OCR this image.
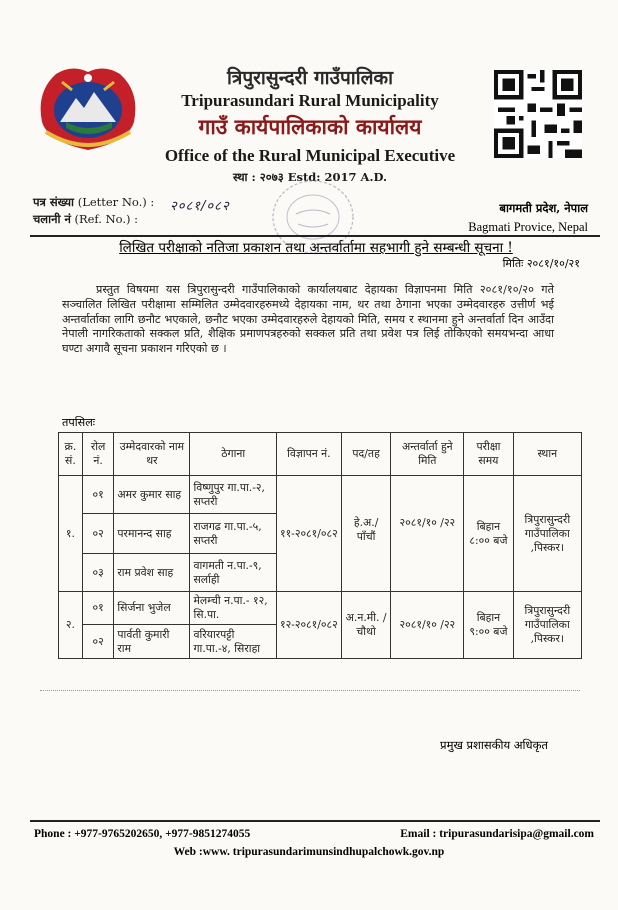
त्रिपुरासुन्दरी गाउँपालिका
Tripurasundari Rural Municipality
गाउँ कार्यपालिकाको कार्यालय
Office of the Rural Municipal Executive
स्था : २०७३ Estd: 2017 A.D.
पत्र संख्या (Letter No.) : २०८१/०८२
चलानी नं (Ref. No.) :
बागमती प्रदेश, नेपाल
Bagmati Provice, Nepal
लिखित परीक्षाको नतिजा प्रकाशन तथा अन्तर्वार्तामा सहभागी हुने सम्बन्धी सूचना !
मितिः २०८१/१०/२१
प्रस्तुत विषयमा यस त्रिपुरासुन्दरी गाउँपालिकाको कार्यालयबाट देहायका विज्ञापनमा मिति २०८१/१०/२० गते सञ्चालित लिखित परीक्षामा सम्मिलित उम्मेदवारहरुमध्ये देहायका नाम, थर तथा ठेगाना भएका उम्मेदवारहरु उत्तीर्ण भई अन्तर्वार्ताका लागि छनौट भएकाले, छनौट भएका उम्मेदवारहरुले देहायको मिति, समय र स्थानमा हुने अन्तर्वार्ता दिन आउँदा नेपाली नागरिकताको सक्कल प्रति, शैक्षिक प्रमाणपत्रहरुको सक्कल प्रति तथा प्रवेश पत्र लिई तोकिएको समयभन्दा आधा घण्टा अगावै सूचना प्रकाशन गरिएको छ ।
तपसिलः
क्र. सं.	रोल नं.	उम्मेदवारको नाम थर	ठेगाना	विज्ञापन नं.	पद/तह	अन्तर्वार्ता हुने मिति	परीक्षा समय	स्थान
१.	०१	अमर कुमार साह	विष्णुपुर गा.पा.-२, सप्तरी	११-२०८१/०८२	हे.अ./ पाँचौं	२०८१/१० /२२	बिहान ८:०० बजे	त्रिपुरासुन्दरी गाउँपालिका ,पिस्कर।
	०२	परमानन्द साह	राजगढ गा.पा.-५, सप्तरी					
	०३	राम प्रवेश साह	वागमती न.पा.-९, सर्लाही					
२.	०१	सिर्जना भुजेल	मेलम्ची न.पा.- १२, सि.पा.	१२-२०८१/०८२	अ.न.मी. /चौथो	२०८१/१० /२२	बिहान ९:०० बजे	त्रिपुरासुन्दरी गाउँपालिका ,पिस्कर।
	०२	पार्वती कुमारी राम	वरियारपट्टी गा.पा.-४, सिराहा					
प्रमुख प्रशासकीय अधिकृत
Phone : +977-9765202650, +977-9851274055	Email : tripurasundarisipa@gmail.com
Web :www. tripurasundarimunsindhupalchowk.gov.np
